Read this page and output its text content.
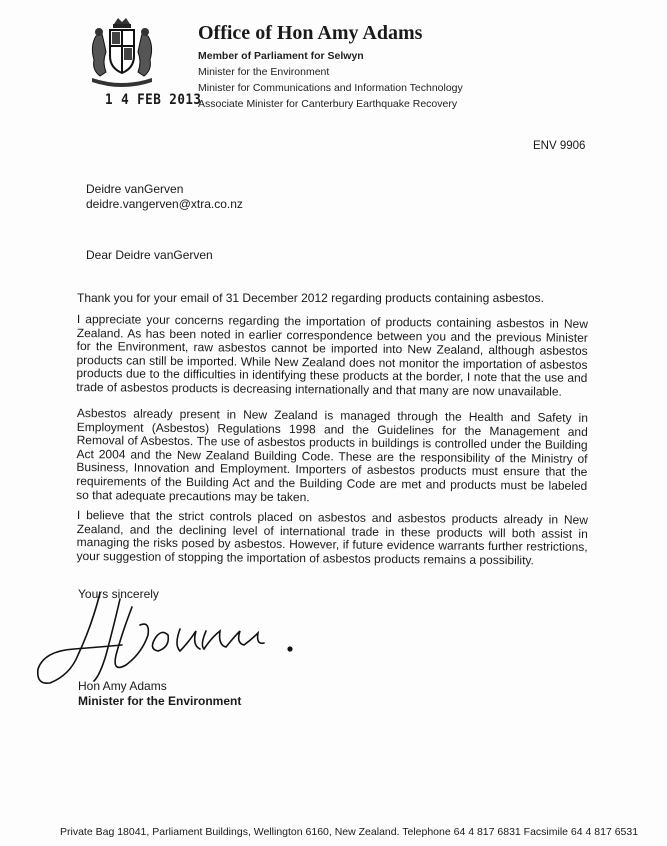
1 4 FEB 2013
Office of Hon Amy Adams
Member of Parliament for Selwyn
Minister for the Environment
Minister for Communications and Information Technology
Associate Minister for Canterbury Earthquake Recovery
ENV 9906
Deidre vanGerven
deidre.vangerven@xtra.co.nz
Dear Deidre vanGerven
Thank you for your email of 31 December 2012 regarding products containing asbestos.
I appreciate your concerns regarding the importation of products containing asbestos in New Zealand. As has been noted in earlier correspondence between you and the previous Minister for the Environment, raw asbestos cannot be imported into New Zealand, although asbestos products can still be imported. While New Zealand does not monitor the importation of asbestos products due to the difficulties in identifying these products at the border, I note that the use and trade of asbestos products is decreasing internationally and that many are now unavailable.
Asbestos already present in New Zealand is managed through the Health and Safety in Employment (Asbestos) Regulations 1998 and the Guidelines for the Management and Removal of Asbestos. The use of asbestos products in buildings is controlled under the Building Act 2004 and the New Zealand Building Code. These are the responsibility of the Ministry of Business, Innovation and Employment. Importers of asbestos products must ensure that the requirements of the Building Act and the Building Code are met and products must be labeled so that adequate precautions may be taken.
I believe that the strict controls placed on asbestos and asbestos products already in New Zealand, and the declining level of international trade in these products will both assist in managing the risks posed by asbestos. However, if future evidence warrants further restrictions, your suggestion of stopping the importation of asbestos products remains a possibility.
Yours sincerely
Hon Amy Adams
Minister for the Environment
Private Bag 18041, Parliament Buildings, Wellington 6160, New Zealand. Telephone 64 4 817 6831 Facsimile 64 4 817 6531
